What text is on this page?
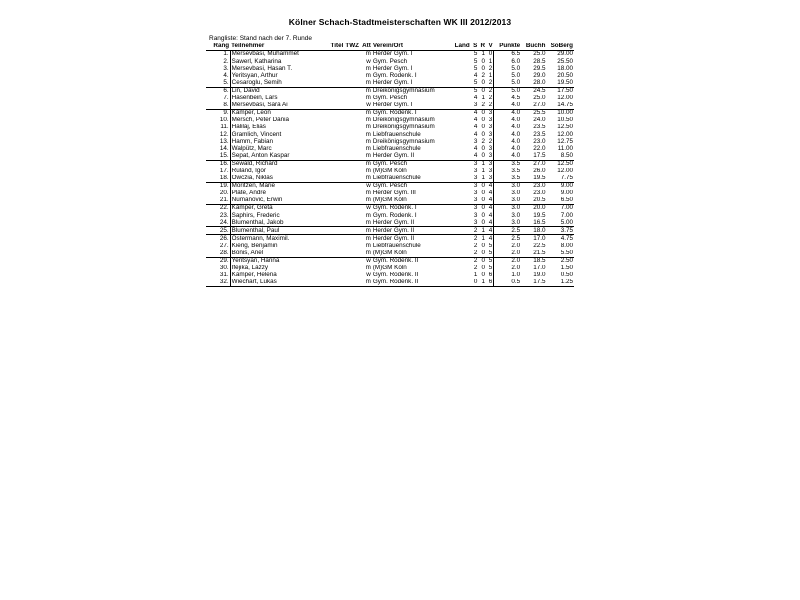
Kölner Schach-Stadtmeisterschaften WK III 2012/2013
Rangliste: Stand nach der 7. Runde
Rang	Teilnehmer	Titel	TWZ	Att	Verein/Ort	Land	S	R	V	Punkte	Buchh	SoBerg
1.	Mersevbasi, Muhammet			m	Herder Gym. I		5	1	0	6.5	25.0	29.00
2.	Sawerl, Katharina			w	Gym. Pesch		5	0	1	6.0	28.5	25.50
3.	Mersevbasi, Hasan T.			m	Herder Gym. I		5	0	2	5.0	29.5	18.00
4.	Yeritsyan, Arthur			m	Gym. Rodenk. I		4	2	1	5.0	29.0	20.50
5.	Cesaroglu, Semih			m	Herder Gym. I		5	0	2	5.0	28.0	19.50
6.	Lin, David			m	Dreikönigsgymnasium		5	0	2	5.0	24.5	17.50
7.	Hasenbein, Lars			m	Gym. Pesch		4	1	2	4.5	25.0	12.00
8.	Mersevbasi, Sara Ai			w	Herder Gym. I		3	2	2	4.0	27.0	14.75
9.	Kämper, Leon			m	Gym. Rodenk. I		4	0	3	4.0	25.5	10.00
10.	Mersch, Peter Dania			m	Dreikönigsgymnasium		4	0	3	4.0	24.0	10.50
11.	Halilaj, Elias			m	Dreikönigsgymnasium		4	0	3	4.0	23.5	12.50
12.	Gramlich, Vincent			m	Liebfrauenschule		4	0	3	4.0	23.5	12.00
13.	Hamm, Fabian			m	Dreikönigsgymnasium		3	2	2	4.0	23.0	12.75
14.	Walpütz, Marc			m	Liebfrauenschule		4	0	3	4.0	22.0	11.00
15.	Sepat, Anton Kaspar			m	Herder Gym. II		4	0	3	4.0	17.5	8.50
16.	Sewald, Richard			m	Gym. Pesch		3	1	3	3.5	27.0	12.50
17.	Ruland, Igor			m	(M)GM Köln		3	1	3	3.5	26.0	12.00
18.	Owczia, Niklas			m	Liebfrauenschule		3	1	3	3.5	19.5	7.75
19.	Moritzen, Marie			w	Gym. Pesch		3	0	4	3.0	23.0	9.00
20.	Plate, André			m	Herder Gym. III		3	0	4	3.0	23.0	9.00
21.	Numanovic, Erwin			m	(M)GM Köln		3	0	4	3.0	20.5	6.50
22.	Kämper, Greta			w	Gym. Rodenk. I		3	0	4	3.0	20.0	7.00
23.	Saphirs, Frederic			m	Gym. Rodenk. I		3	0	4	3.0	19.5	7.00
24.	Blumenthal, Jakob			m	Herder Gym. II		3	0	4	3.0	16.5	5.00
25.	Blumenthal, Paul			m	Herder Gym. II		2	1	4	2.5	18.0	3.75
26.	Ostermann, Maximil.			m	Herder Gym. II		2	1	4	2.5	17.0	4.75
27.	Kierig, Benjamin			m	Liebfrauenschule		2	0	5	2.0	22.5	8.00
28.	Bonis, Anel			m	(M)GM Köln		2	0	5	2.0	21.5	5.50
29.	Yeritsyan, Hanna			w	Gym. Rodenk. II		2	0	5	2.0	18.5	2.50
30.	Ifejika, Lazzy			m	(M)GM Köln		2	0	5	2.0	17.0	1.50
31.	Kämper, Helena			w	Gym. Rodenk. II		1	0	6	1.0	19.0	0.50
32.	Wiechart, Lukas			m	Gym. Rodenk. II		0	1	6	0.5	17.5	1.25
